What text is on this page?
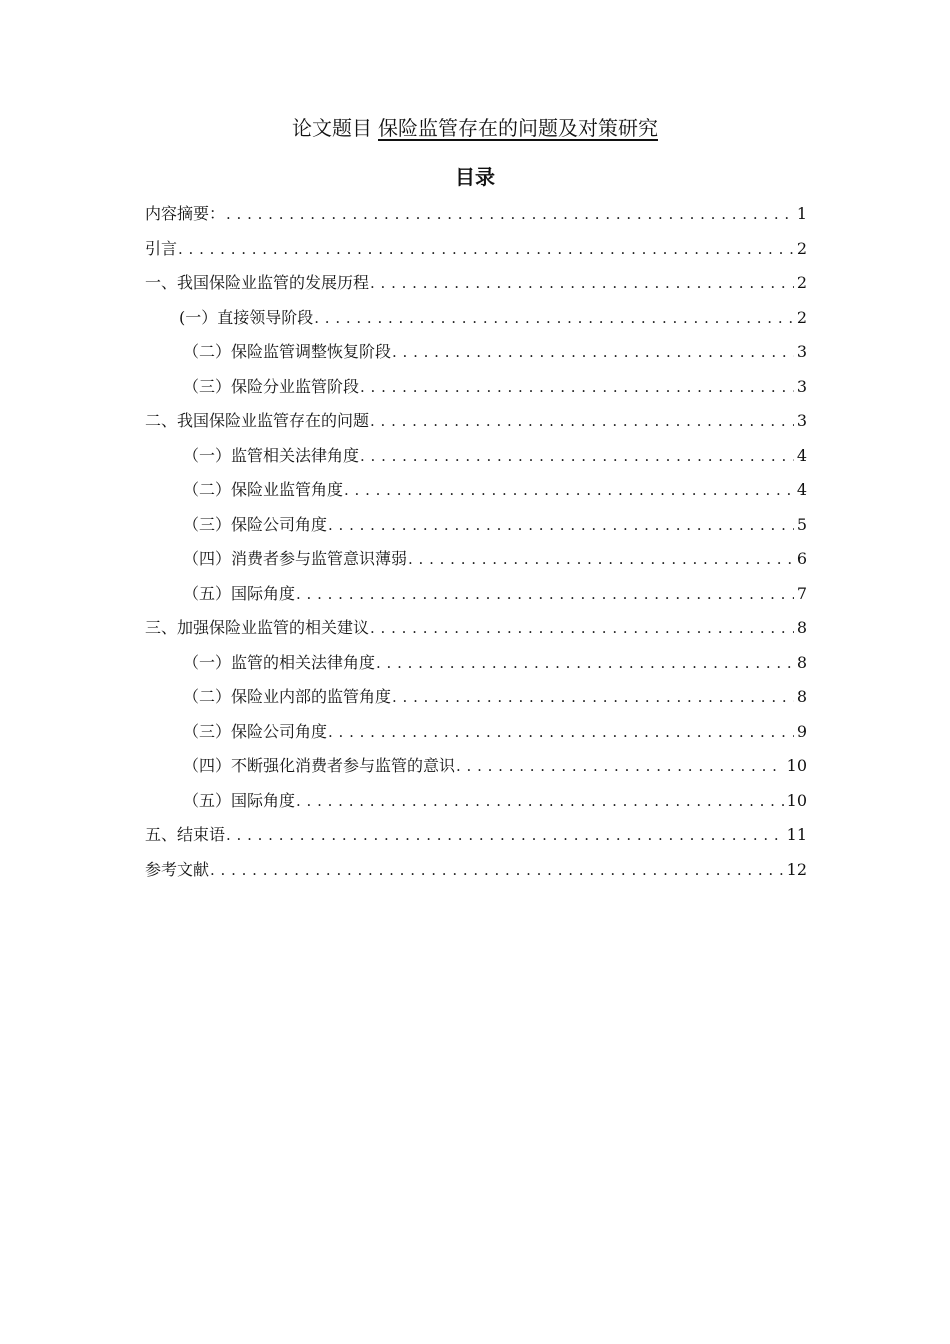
论文题目 保险监管存在的问题及对策研究
目录
内容摘要： . . .	1
引言 . . .	2
一、我国保险业监管的发展历程 . . .	2
(一）直接领导阶段 . . .	2
（二）保险监管调整恢复阶段 . . .	3
（三）保险分业监管阶段 . . .	3
二、我国保险业监管存在的问题 . . .	3
（一）监管相关法律角度 . . .	4
（二）保险业监管角度 . . .	4
（三）保险公司角度 . . .	5
（四）消费者参与监管意识薄弱 . . .	6
（五）国际角度 . . .	7
三、加强保险业监管的相关建议 . . .	8
（一）监管的相关法律角度 . . .	8
（二）保险业内部的监管角度 . . .	8
（三）保险公司角度 . . .	9
（四）不断强化消费者参与监管的意识 . . .	10
（五）国际角度 . . .	10
五、结束语 . . .	11
参考文献 . . .	12
